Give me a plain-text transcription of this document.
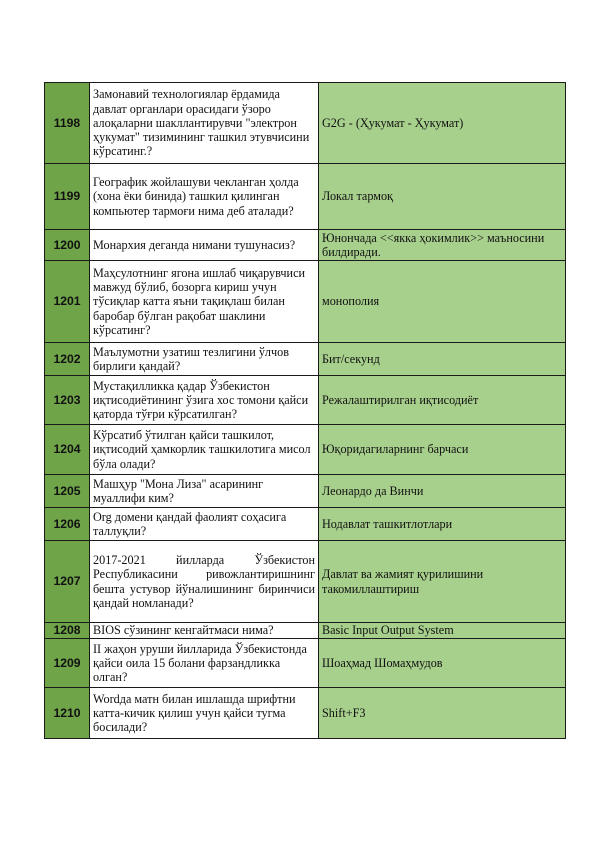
1198	Замонавий технологиялар ёрдамида давлат органлари орасидаги ўзоро алоқаларни шакллантирувчи "электрон ҳукумат" тизимининг ташкил этувчисини кўрсатинг.?	G2G - (Ҳукумат - Ҳукумат)
1199	Географик жойлашуви чекланган ҳолда (хона ёки бинида) ташкил қилинган компьютер тармоғи нима деб аталади?	Локал тармоқ
1200	Монархия деганда нимани тушунасиз?	Юнончада <<якка ҳокимлик>> маъносини билдиради.
1201	Маҳсулотнинг ягона ишлаб чиқарувчиси мавжуд бўлиб, бозорга кириш учун тўсиқлар катта яъни тақиқлаш билан баробар бўлган рақобат шаклини кўрсатинг?	монополия
1202	Маълумотни узатиш тезлигини ўлчов бирлиги қандай?	Бит/секунд
1203	Мустақилликка қадар Ўзбекистон иқтисодиётининг ўзига хос томони қайси қаторда тўғри кўрсатилган?	Режалаштирилган иқтисодиёт
1204	Кўрсатиб ўтилган қайси ташкилот, иқтисодий ҳамкорлик ташкилотига мисол бўла олади?	Юқоридагиларнинг барчаси
1205	Машҳур "Мона Лиза" асарининг муаллифи ким?	Леонардо да Винчи
1206	Org домени қандай фаолият соҳасига таллуқли?	Нодавлат ташкитлотлари
1207	2017-2021 йилларда Ўзбекистон Республикасини ривожлантиришнинг бешта устувор йўналишининг биринчиси қандай номланади?	Давлат ва жамият қурилишини такомиллаштириш
1208	BIOS сўзининг кенгайтмаси нима?	Basic Input Output System
1209	II жаҳон уруши йилларида Ўзбекистонда қайси оила 15 болани фарзандликка олган?	Шоаҳмад Шомаҳмудов
1210	Wordда матн билан ишлашда шрифтни катта-кичик қилиш учун қайси тугма босилади?	Shift+F3
